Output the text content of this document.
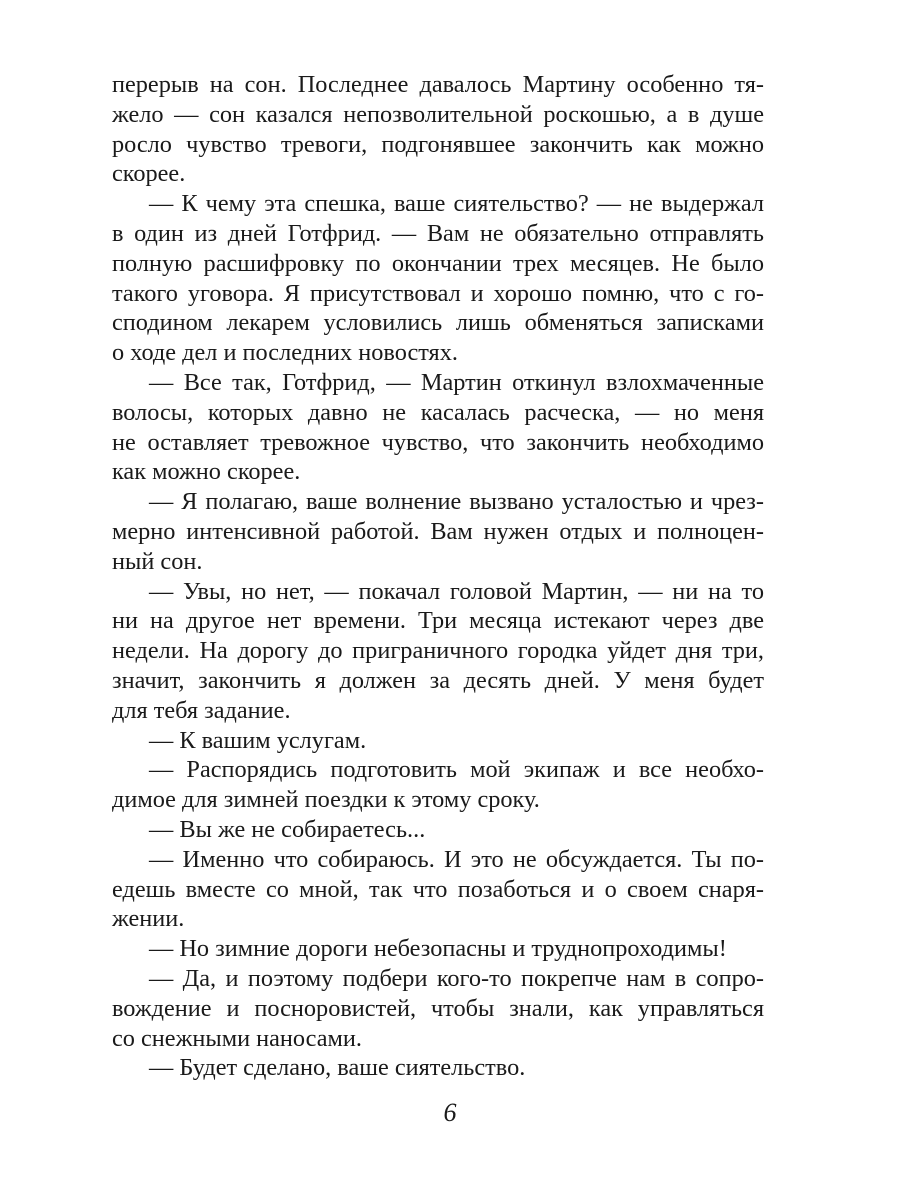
перерыв на сон. Последнее давалось Мартину особенно тя-
жело — сон казался непозволительной роскошью, а в душе
росло чувство тревоги, подгонявшее закончить как можно
скорее.
— К чему эта спешка, ваше сиятельство? — не выдержал
в один из дней Готфрид. — Вам не обязательно отправлять
полную расшифровку по окончании трех месяцев. Не было
такого уговора. Я присутствовал и хорошо помню, что с го-
сподином лекарем условились лишь обменяться записками
о ходе дел и последних новостях.
— Все так, Готфрид, — Мартин откинул взлохмаченные
волосы, которых давно не касалась расческа, — но меня
не оставляет тревожное чувство, что закончить необходимо
как можно скорее.
— Я полагаю, ваше волнение вызвано усталостью и чрез-
мерно интенсивной работой. Вам нужен отдых и полноцен-
ный сон.
— Увы, но нет, — покачал головой Мартин, — ни на то
ни на другое нет времени. Три месяца истекают через две
недели. На дорогу до приграничного городка уйдет дня три,
значит, закончить я должен за десять дней. У меня будет
для тебя задание.
— К вашим услугам.
— Распорядись подготовить мой экипаж и все необхо-
димое для зимней поездки к этому сроку.
— Вы же не собираетесь...
— Именно что собираюсь. И это не обсуждается. Ты по-
едешь вместе со мной, так что позаботься и о своем снаря-
жении.
— Но зимние дороги небезопасны и труднопроходимы!
— Да, и поэтому подбери кого-то покрепче нам в сопро-
вождение и посноровистей, чтобы знали, как управляться
со снежными наносами.
— Будет сделано, ваше сиятельство.
6
